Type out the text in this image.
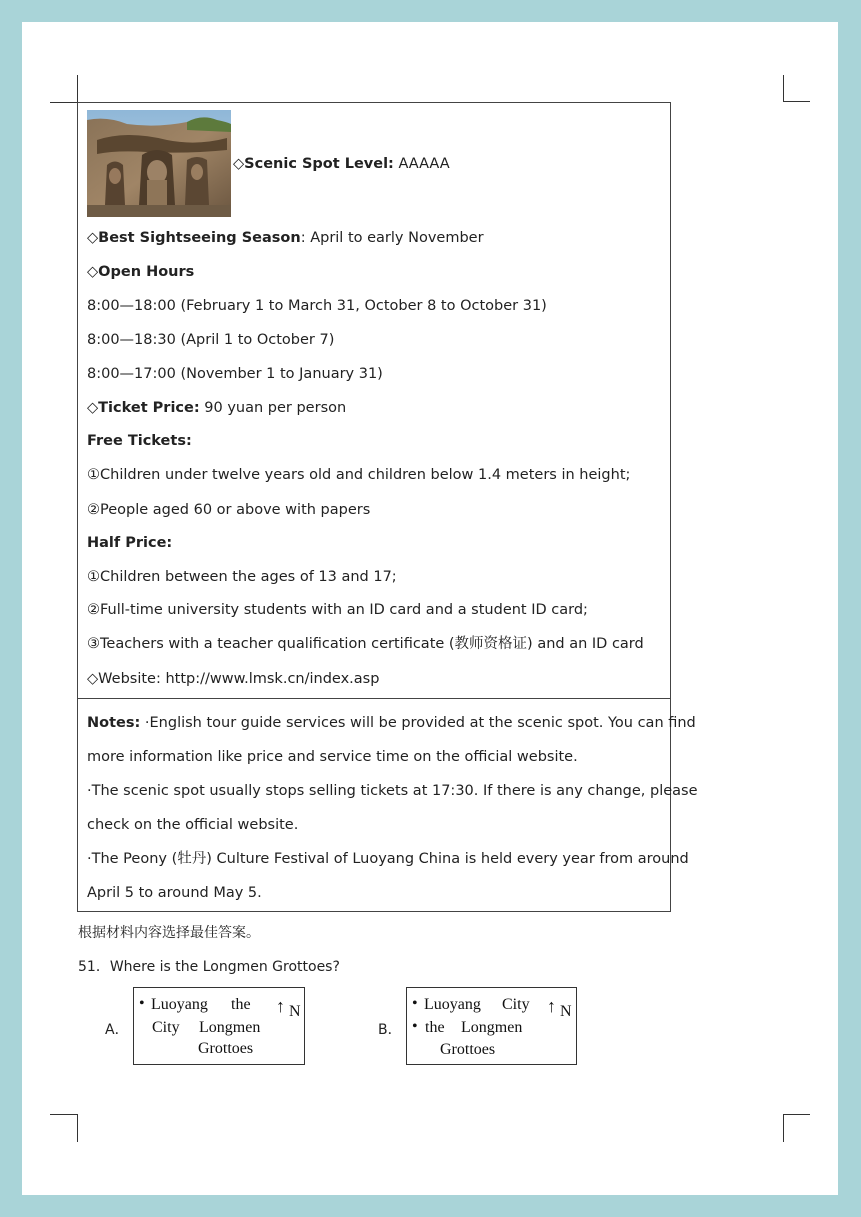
◇Scenic Spot Level: AAAAA
◇Best Sightseeing Season: April to early November
◇Open Hours
8:00—18:00 (February 1 to March 31, October 8 to October 31)
8:00—18:30 (April 1 to October 7)
8:00—17:00 (November 1 to January 31)
◇Ticket Price: 90 yuan per person
Free Tickets:
①Children under twelve years old and children below 1.4 meters in height;
②People aged 60 or above with papers
Half Price:
①Children between the ages of 13 and 17;
②Full-time university students with an ID card and a student ID card;
③Teachers with a teacher qualification certificate (教师资格证) and an ID card
◇Website: http://www.lmsk.cn/index.asp
Notes: ·English tour guide services will be provided at the scenic spot. You can find
more information like price and service time on the official website.
·The scenic spot usually stops selling tickets at 17:30. If there is any change, please
check on the official website.
·The Peony (牡丹) Culture Festival of Luoyang China is held every year from around
April 5 to around May 5.
根据材料内容选择最佳答案。
51．Where is the Longmen Grottoes?
A．
• Luoyang the
City Longmen
Grottoes
↑ N
B．
• Luoyang City
• the Longmen
Grottoes
↑ N
